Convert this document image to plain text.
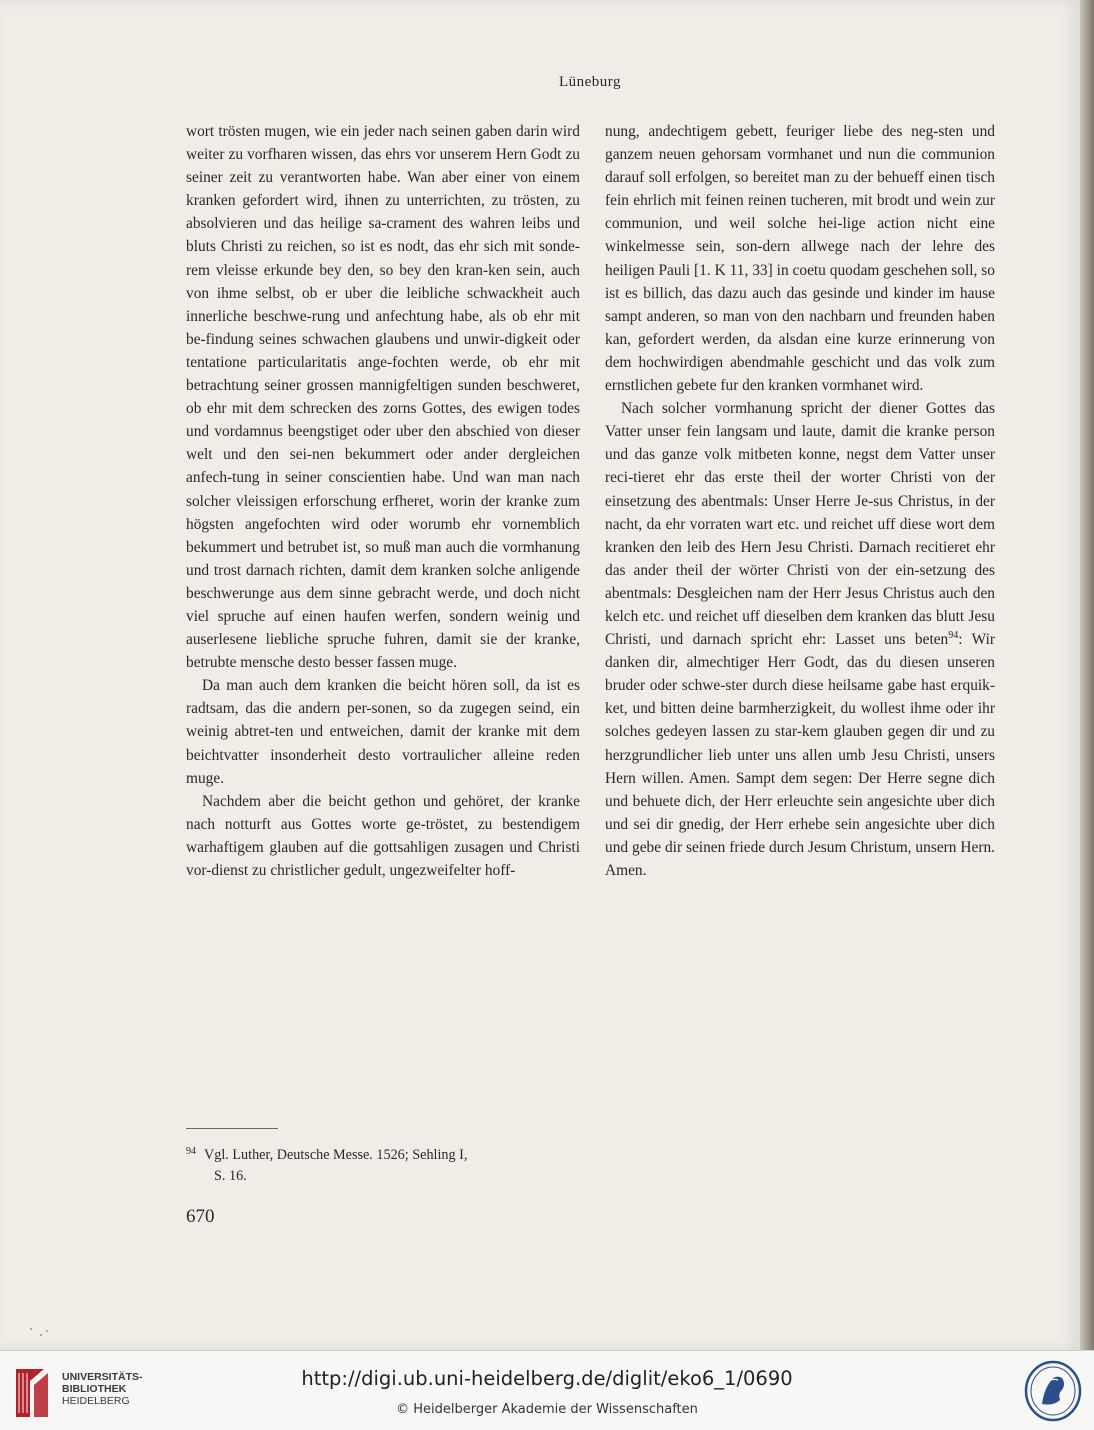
Lüneburg

wort trösten mugen, wie ein jeder nach seinen gaben darin wird weiter zu vorfharen wissen, das ehrs vor unserem Hern Godt zu seiner zeit zu verantworten habe. Wan aber einer von einem kranken gefordert wird, ihnen zu unterrichten, zu trösten, zu absolvieren und das heilige sa-crament des wahren leibs und bluts Christi zu reichen, so ist es nodt, das ehr sich mit sonde-rem vleisse erkunde bey den, so bey den kran-ken sein, auch von ihme selbst, ob er uber die leibliche schwackheit auch innerliche beschwe-rung und anfechtung habe, als ob ehr mit be-findung seines schwachen glaubens und unwir-digkeit oder tentatione particularitatis ange-fochten werde, ob ehr mit betrachtung seiner grossen mannigfeltigen sunden beschweret, ob ehr mit dem schrecken des zorns Gottes, des ewigen todes und vordamnus beengstiget oder uber den abschied von dieser welt und den sei-nen bekummert oder ander dergleichen anfech-tung in seiner conscientien habe. Und wan man nach solcher vleissigen erforschung erfheret, worin der kranke zum högsten angefochten wird oder worumb ehr vornemblich bekummert und betrubet ist, so muß man auch die vormhanung und trost darnach richten, damit dem kranken solche anligende beschwerunge aus dem sinne gebracht werde, und doch nicht viel spruche auf einen haufen werfen, sondern weinig und auserlesene liebliche spruche fuhren, damit sie der kranke, betrubte mensche desto besser fassen muge.

Da man auch dem kranken die beicht hören soll, da ist es radtsam, das die andern per-sonen, so da zugegen seind, ein weinig abtret-ten und entweichen, damit der kranke mit dem beichtvatter insonderheit desto vortraulicher alleine reden muge.

Nachdem aber die beicht gethon und gehöret, der kranke nach notturft aus Gottes worte ge-tröstet, zu bestendigem warhaftigem glauben auf die gottsahligen zusagen und Christi vor-dienst zu christlicher gedult, ungezweifelter hoff-

nung, andechtigem gebett, feuriger liebe des neg-sten und ganzem neuen gehorsam vormhanet und nun die communion darauf soll erfolgen, so bereitet man zu der behueff einen tisch fein ehrlich mit feinen reinen tucheren, mit brodt und wein zur communion, und weil solche hei-lige action nicht eine winkelmesse sein, son-dern allwege nach der lehre des heiligen Pauli [1. K 11, 33] in coetu quodam geschehen soll, so ist es billich, das dazu auch das gesinde und kinder im hause sampt anderen, so man von den nachbarn und freunden haben kan, gefordert werden, da alsdan eine kurze erinnerung von dem hochwirdigen abendmahle geschicht und das volk zum ernstlichen gebete fur den kranken vormhanet wird.

Nach solcher vormhanung spricht der diener Gottes das Vatter unser fein langsam und laute, damit die kranke person und das ganze volk mitbeten konne, negst dem Vatter unser reci-tieret ehr das erste theil der worter Christi von der einsetzung des abentmals: Unser Herre Je-sus Christus, in der nacht, da ehr vorraten wart etc. und reichet uff diese wort dem kranken den leib des Hern Jesu Christi. Darnach recitieret ehr das ander theil der wörter Christi von der ein-setzung des abentmals: Desgleichen nam der Herr Jesus Christus auch den kelch etc. und reichet uff dieselben dem kranken das blutt Jesu Christi, und darnach spricht ehr: Lasset uns beten$^{94}$: Wir danken dir, almechtiger Herr Godt, das du diesen unseren bruder oder schwe-ster durch diese heilsame gabe hast erquik-ket, und bitten deine barmherzigkeit, du wollest ihme oder ihr solches gedeyen lassen zu star-kem glauben gegen dir und zu herzgrundlicher lieb unter uns allen umb Jesu Christi, unsers Hern willen. Amen. Sampt dem segen: Der Herre segne dich und behuete dich, der Herr erleuchte sein angesichte uber dich und sei dir gnedig, der Herr erhebe sein angesichte uber dich und gebe dir seinen friede durch Jesum Christum, unsern Hern. Amen.

$^{94}$ Vgl. Luther, Deutsche Messe. 1526; Sehling I,
S. 16.
670
UNIVERSITÄTS-
BIBLIOTHEK
HEIDELBERG
http://digi.ub.uni-heidelberg.de/diglit/eko6_1/0690
© Heidelberger Akademie der Wissenschaften
